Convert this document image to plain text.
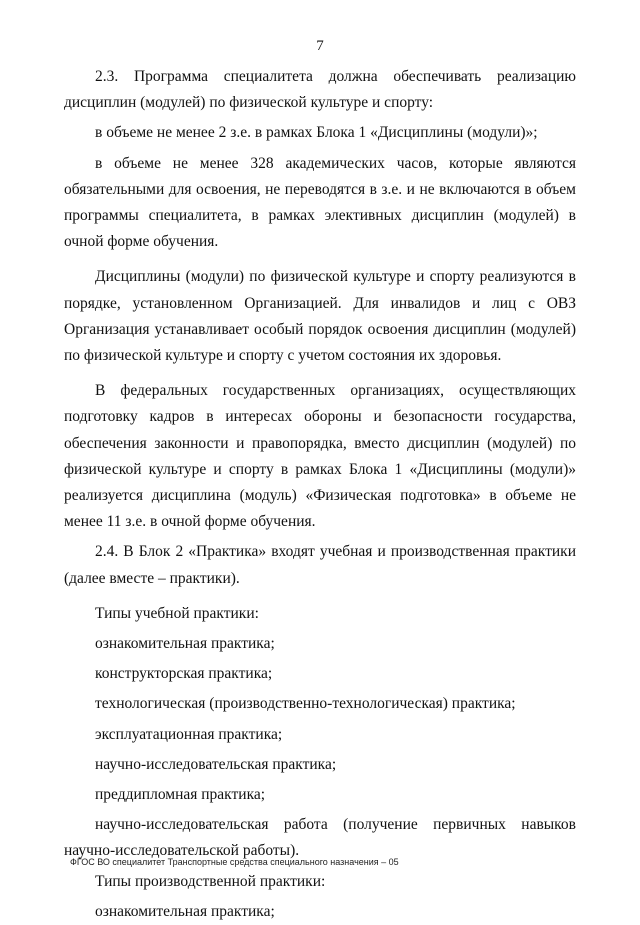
7

2.3. Программа специалитета должна обеспечивать реализацию дисциплин (модулей) по физической культуре и спорту:

в объеме не менее 2 з.е. в рамках Блока 1 «Дисциплины (модули)»;

в объеме не менее 328 академических часов, которые являются обязательными для освоения, не переводятся в з.е. и не включаются в объем программы специалитета, в рамках элективных дисциплин (модулей) в очной форме обучения.

Дисциплины (модули) по физической культуре и спорту реализуются в порядке, установленном Организацией. Для инвалидов и лиц с ОВЗ Организация устанавливает особый порядок освоения дисциплин (модулей) по физической культуре и спорту с учетом состояния их здоровья.

В федеральных государственных организациях, осуществляющих подготовку кадров в интересах обороны и безопасности государства, обеспечения законности и правопорядка, вместо дисциплин (модулей) по физической культуре и спорту в рамках Блока 1 «Дисциплины (модули)» реализуется дисциплина (модуль) «Физическая подготовка» в объеме не менее 11 з.е. в очной форме обучения.

2.4. В Блок 2 «Практика» входят учебная и производственная практики (далее вместе – практики).

Типы учебной практики:

ознакомительная практика;

конструкторская практика;

технологическая (производственно-технологическая) практика;

эксплуатационная практика;

научно-исследовательская практика;

преддипломная практика;

научно-исследовательская работа (получение первичных навыков научно-исследовательской работы).

Типы производственной практики:

ознакомительная практика;

ФГОС ВО специалитет Транспортные средства специального назначения – 05
